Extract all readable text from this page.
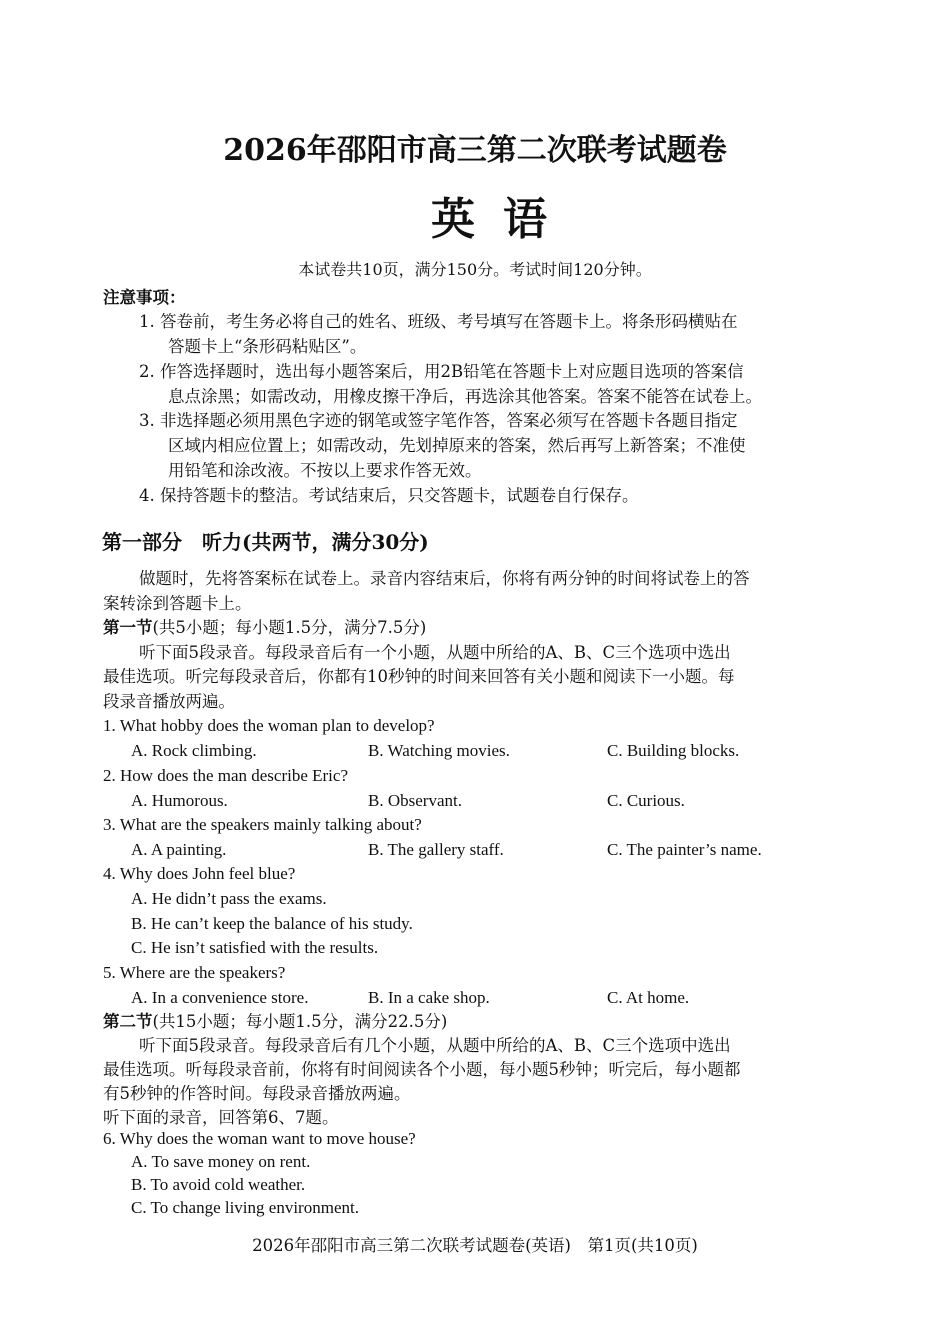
2026年邵阳市高三第二次联考试题卷
英语
本试卷共10页，满分150分。考试时间120分钟。
注意事项：
1. 答卷前，考生务必将自己的姓名、班级、考号填写在答题卡上。将条形码横贴在
答题卡上“条形码粘贴区”。
2. 作答选择题时，选出每小题答案后，用2B铅笔在答题卡上对应题目选项的答案信
息点涂黑；如需改动，用橡皮擦干净后，再选涂其他答案。答案不能答在试卷上。
3. 非选择题必须用黑色字迹的钢笔或签字笔作答，答案必须写在答题卡各题目指定
区域内相应位置上；如需改动，先划掉原来的答案，然后再写上新答案；不准使
用铅笔和涂改液。不按以上要求作答无效。
4. 保持答题卡的整洁。考试结束后，只交答题卡，试题卷自行保存。
第一部分　听力(共两节，满分30分)
做题时，先将答案标在试卷上。录音内容结束后，你将有两分钟的时间将试卷上的答
案转涂到答题卡上。
第一节(共5小题；每小题1.5分，满分7.5分)
听下面5段录音。每段录音后有一个小题，从题中所给的A、B、C三个选项中选出
最佳选项。听完每段录音后，你都有10秒钟的时间来回答有关小题和阅读下一小题。每
段录音播放两遍。
1. What hobby does the woman plan to develop?
A. Rock climbing.	B. Watching movies.	C. Building blocks.
2. How does the man describe Eric?
A. Humorous.	B. Observant.	C. Curious.
3. What are the speakers mainly talking about?
A. A painting.	B. The gallery staff.	C. The painter’s name.
4. Why does John feel blue?
A. He didn’t pass the exams.
B. He can’t keep the balance of his study.
C. He isn’t satisfied with the results.
5. Where are the speakers?
A. In a convenience store.	B. In a cake shop.	C. At home.
第二节(共15小题；每小题1.5分，满分22.5分)
听下面5段录音。每段录音后有几个小题，从题中所给的A、B、C三个选项中选出
最佳选项。听每段录音前，你将有时间阅读各个小题，每小题5秒钟；听完后，每小题都
有5秒钟的作答时间。每段录音播放两遍。
听下面的录音，回答第6、7题。
6. Why does the woman want to move house?
A. To save money on rent.
B. To avoid cold weather.
C. To change living environment.
2026年邵阳市高三第二次联考试题卷(英语)　第1页(共10页)
